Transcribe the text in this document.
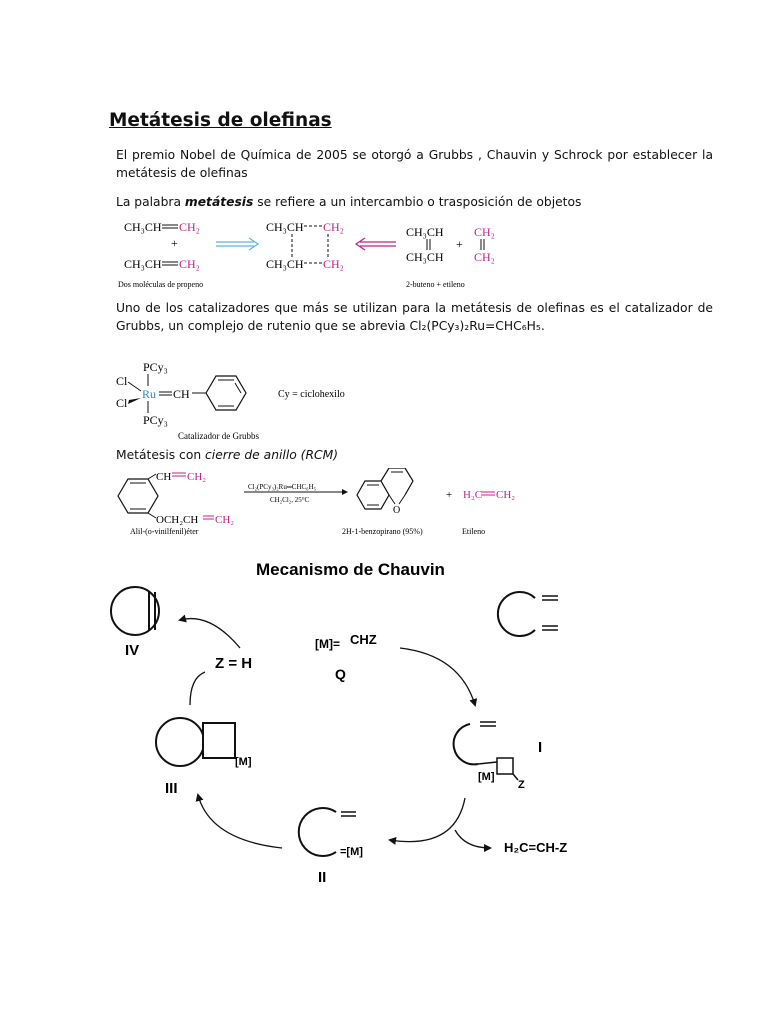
Metátesis de olefinas
El premio Nobel de Química de 2005 se otorgó a Grubbs , Chauvin y Schrock por establecer la metátesis de olefinas
La palabra metátesis se refiere a un intercambio o trasposición de objetos
CH₃CH CH₂
+
CH₃CH CH₂
CH₃CH CH₂
CH₃CH CH₂
CH₃CH
CH₃CH
+
CH₂
CH₂
Dos moléculas de propeno	2-buteno + etileno
Uno de los catalizadores que más se utilizan para la metátesis de olefinas es el catalizador de Grubbs, un complejo de rutenio que se abrevia Cl₂(PCy₃)₂Ru=CHC₆H₅.
PCy₃
Cl
Ru
Cl
PCy₃
CH	Cy = ciclohexilo
Catalizador de Grubbs
Metátesis con cierre de anillo (RCM)
CH CH₂
OCH₂CH CH₂
Cl₂(PCy₃)₂Ru═CHC₆H₅
CH₂Cl₂, 25°C
O
+ H₂C CH₂
Alil-(o-vinilfenil)éter	2H-1-benzopirano (95%)	Etileno
Mecanismo de Chauvin
IV
Z = H
[M]= CHZ
Q
[M]
Z
I
H₂C=CH-Z
=[M]
II
[M]
III
